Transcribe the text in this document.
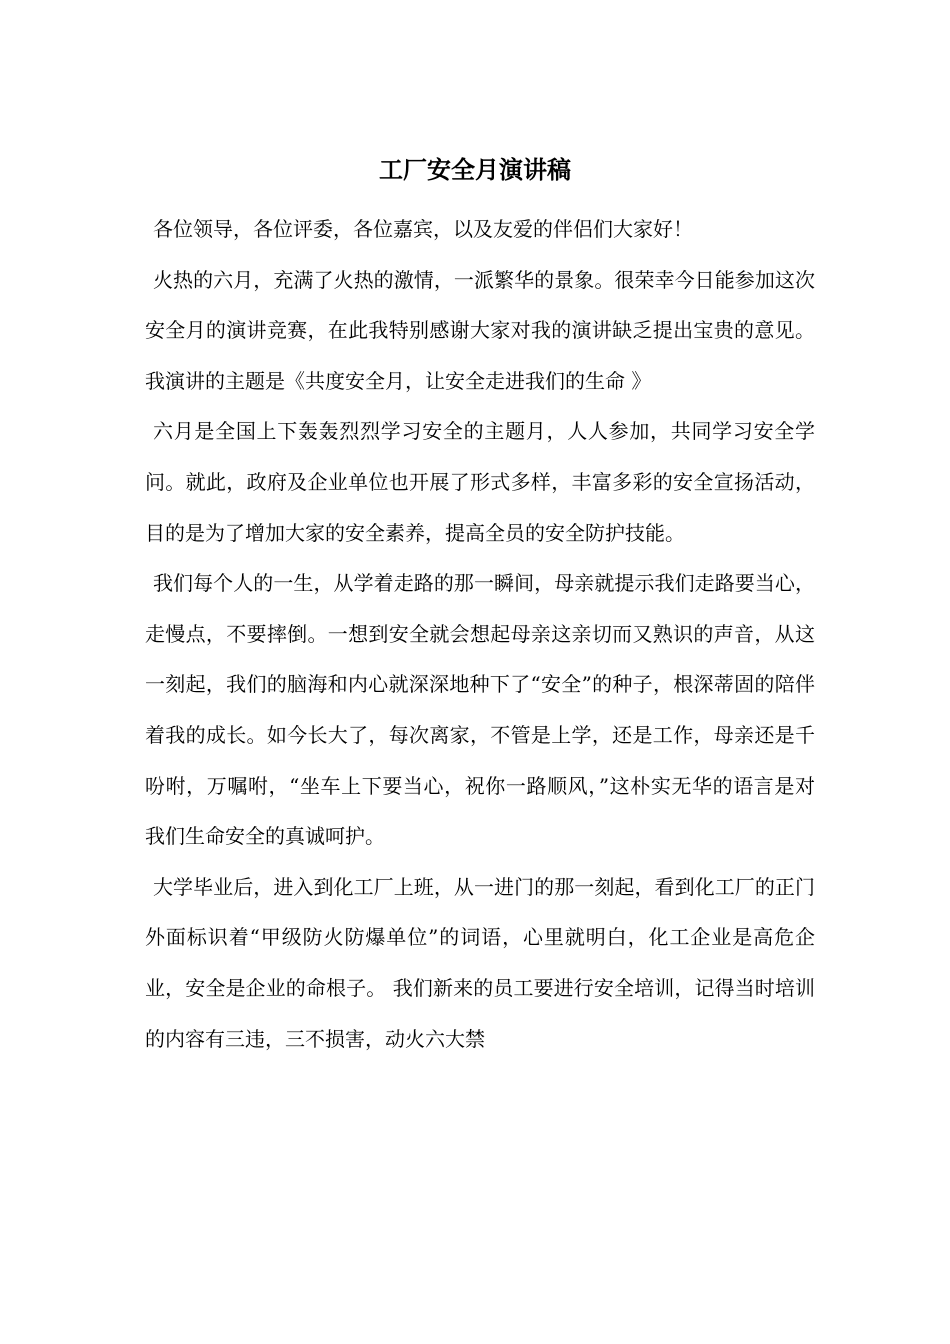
工厂安全月演讲稿

各位领导，各位评委，各位嘉宾，以及友爱的伴侣们大家好！

火热的六月，充满了火热的激情，一派繁华的景象。很荣幸今日能参加这次安全月的演讲竞赛，在此我特别感谢大家对我的演讲缺乏提出宝贵的意见。我演讲的主题是《共度安全月，让安全走进我们的生命 》

六月是全国上下轰轰烈烈学习安全的主题月，人人参加，共同学习安全学问。就此，政府及企业单位也开展了形式多样，丰富多彩的安全宣扬活动，目的是为了增加大家的安全素养，提高全员的安全防护技能。

我们每个人的一生，从学着走路的那一瞬间，母亲就提示我们走路要当心，走慢点，不要摔倒。一想到安全就会想起母亲这亲切而又熟识的声音，从这一刻起，我们的脑海和内心就深深地种下了“安全”的种子，根深蒂固的陪伴着我的成长。如今长大了，每次离家，不管是上学，还是工作，母亲还是千吩咐，万嘱咐，“坐车上下要当心，祝你一路顺风，”这朴实无华的语言是对我们生命安全的真诚呵护。

大学毕业后，进入到化工厂上班，从一进门的那一刻起，看到化工厂的正门外面标识着“甲级防火防爆单位”的词语，心里就明白，化工企业是高危企业，安全是企业的命根子。 我们新来的员工要进行安全培训，记得当时培训的内容有三违，三不损害，动火六大禁
